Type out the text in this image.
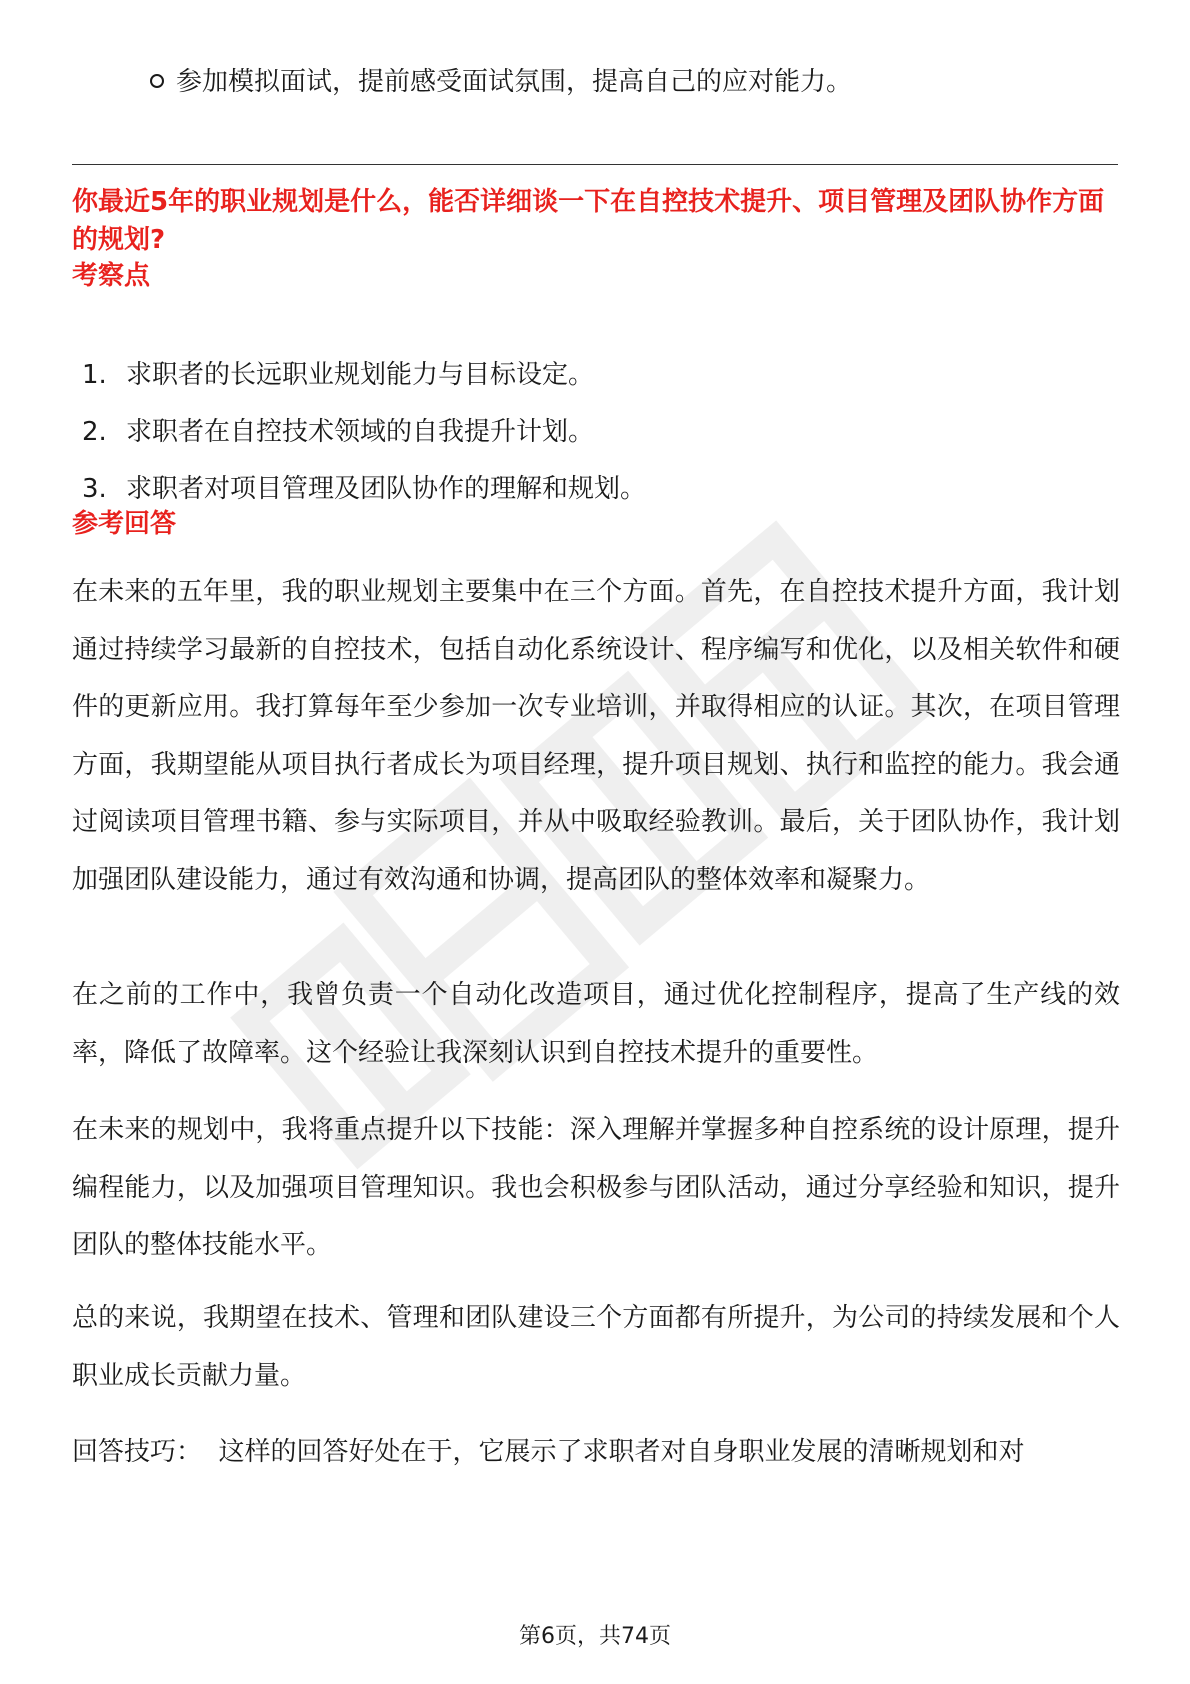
参加模拟面试，提前感受面试氛围，提高自己的应对能力。
你最近5年的职业规划是什么，能否详细谈一下在自控技术提升、项目管理及团队协作方面的规划?
考察点
1. 求职者的长远职业规划能力与目标设定。
2. 求职者在自控技术领域的自我提升计划。
3. 求职者对项目管理及团队协作的理解和规划。
参考回答

在未来的五年里，我的职业规划主要集中在三个方面。首先，在自控技术提升方面，我计划通过持续学习最新的自控技术，包括自动化系统设计、程序编写和优化，以及相关软件和硬件的更新应用。我打算每年至少参加一次专业培训，并取得相应的认证。其次，在项目管理方面，我期望能从项目执行者成长为项目经理，提升项目规划、执行和监控的能力。我会通过阅读项目管理书籍、参与实际项目，并从中吸取经验教训。最后，关于团队协作，我计划加强团队建设能力，通过有效沟通和协调，提高团队的整体效率和凝聚力。

在之前的工作中，我曾负责一个自动化改造项目，通过优化控制程序，提高了生产线的效率，降低了故障率。这个经验让我深刻认识到自控技术提升的重要性。

在未来的规划中，我将重点提升以下技能：深入理解并掌握多种自控系统的设计原理，提升编程能力，以及加强项目管理知识。我也会积极参与团队活动，通过分享经验和知识，提升团队的整体技能水平。

总的来说，我期望在技术、管理和团队建设三个方面都有所提升，为公司的持续发展和个人职业成长贡献力量。

回答技巧：  这样的回答好处在于，它展示了求职者对自身职业发展的清晰规划和对

第6页，共74页
